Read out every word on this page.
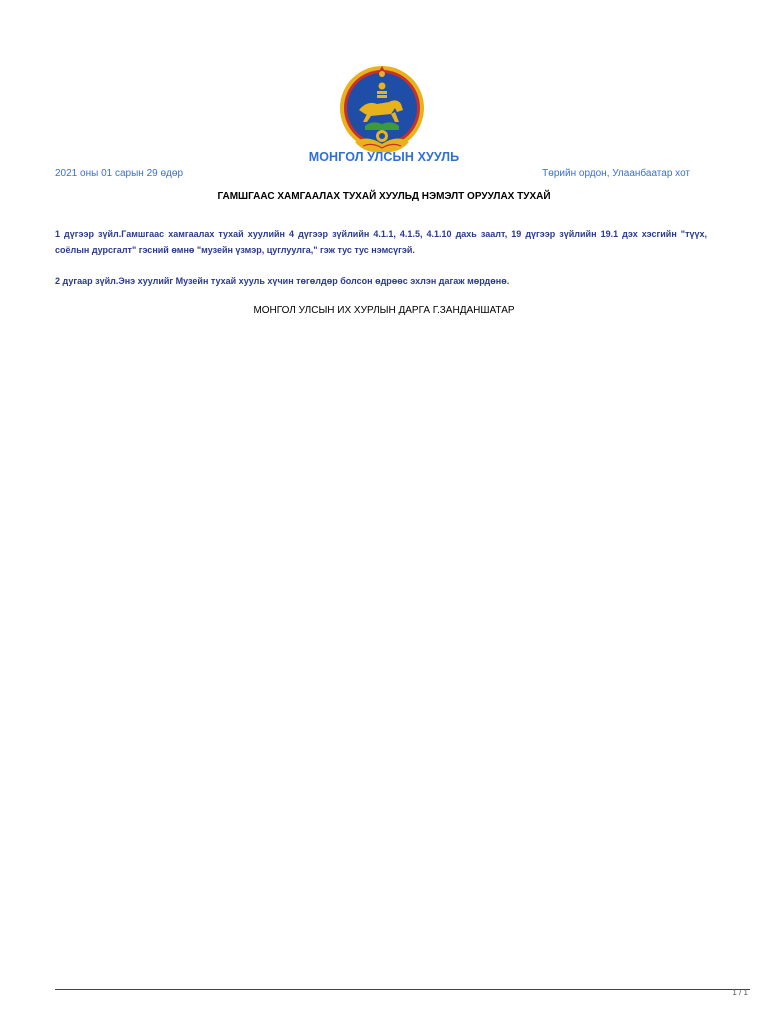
МОНГОЛ УЛСЫН ХУУЛЬ
2021 оны 01 сарын 29 өдөр	Төрийн ордон, Улаанбаатар хот
ГАМШГААС ХАМГААЛАХ ТУХАЙ ХУУЛЬД НЭМЭЛТ ОРУУЛАХ ТУХАЙ
1 дүгээр зүйл.Гамшгаас хамгаалах тухай хуулийн 4 дүгээр зүйлийн 4.1.1, 4.1.5, 4.1.10 дахь заалт, 19 дүгээр зүйлийн 19.1 дэх хэсгийн "түүх, соёлын дурсгалт" гэсний өмнө "музейн үзмэр, цуглуулга," гэж тус тус нэмсүгэй.
2 дугаар зүйл.Энэ хуулийг Музейн тухай хууль хүчин төгөлдөр болсон өдрөөс эхлэн дагаж мөрдөнө.
МОНГОЛ УЛСЫН ИХ ХУРЛЫН ДАРГА Г.ЗАНДАНШАТАР
1 / 1
